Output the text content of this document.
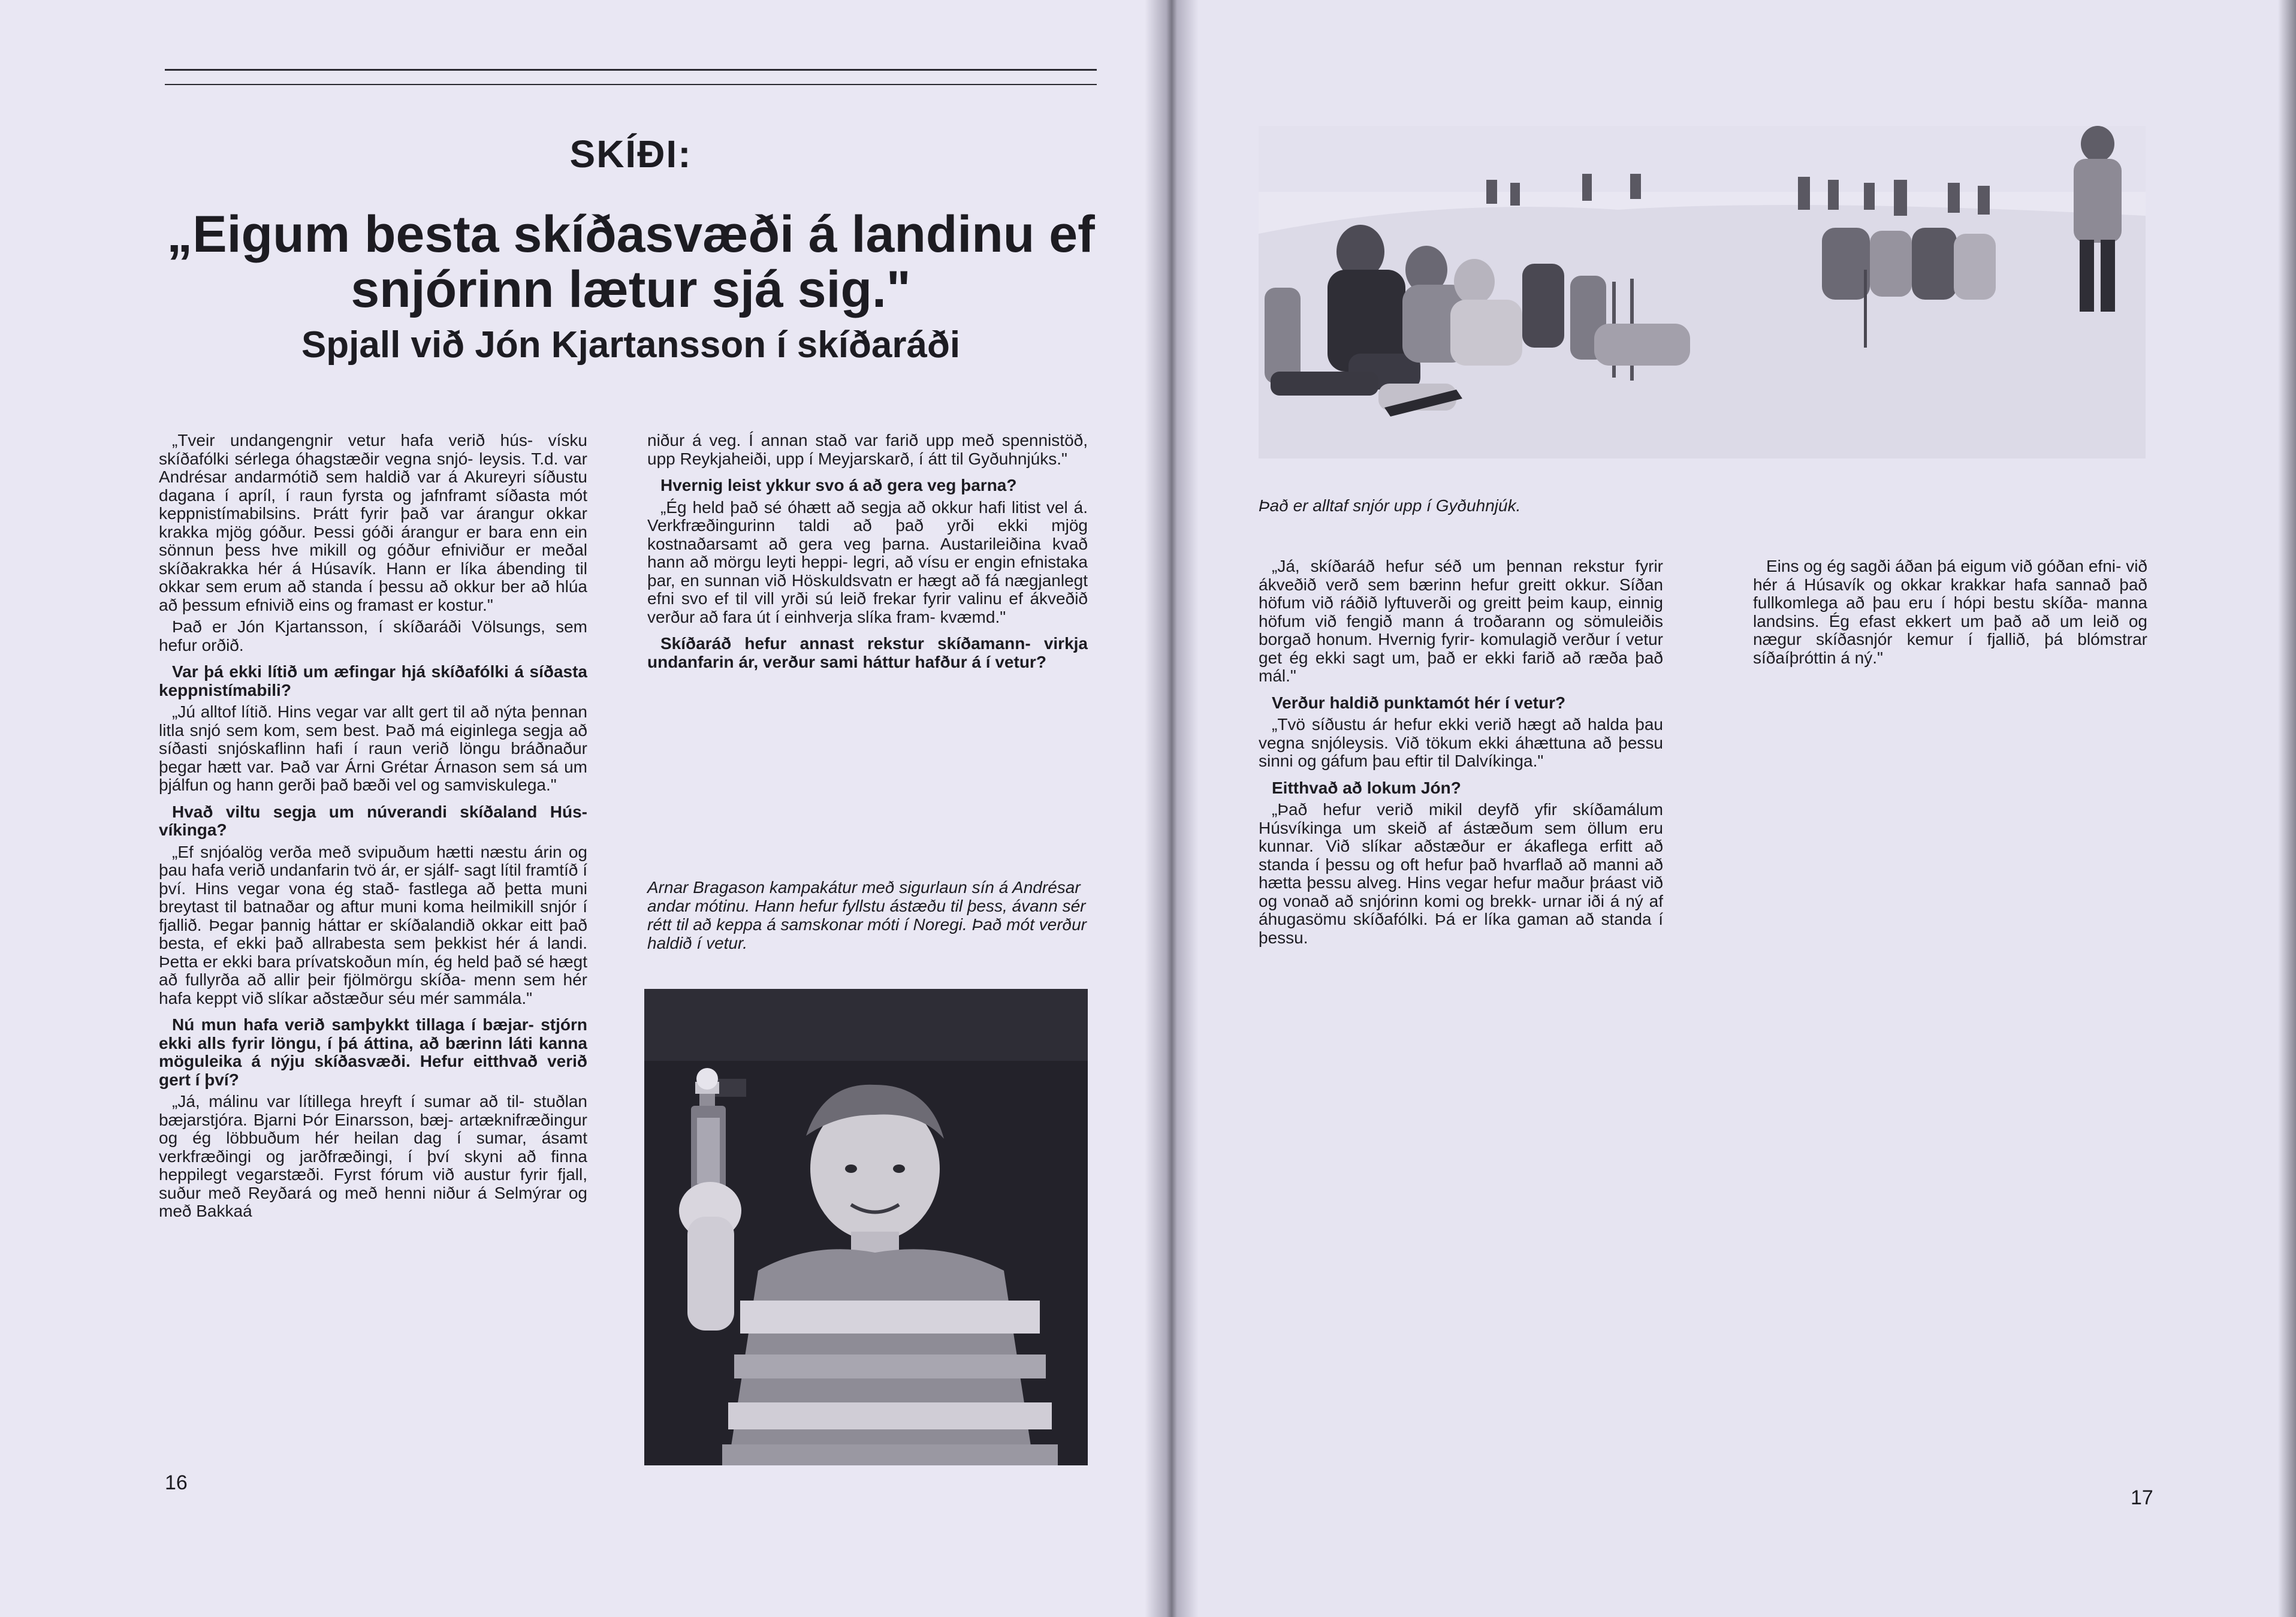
SKÍÐI:
„Eigum besta skíðasvæði á landinu ef
snjórinn lætur sjá sig."
Spjall við Jón Kjartansson í skíðaráði

„Tveir undangengnir vetur hafa verið hús- vísku skíðafólki sérlega óhagstæðir vegna snjó- leysis. T.d. var Andrésar andarmótið sem haldið var á Akureyri síðustu dagana í apríl, í raun fyrsta og jafnframt síðasta mót keppnistímabilsins. Þrátt fyrir það var árangur okkar krakka mjög góður. Þessi góði árangur er bara enn ein sönnun þess hve mikill og góður efniviður er meðal skíðakrakka hér á Húsavík. Hann er líka ábending til okkar sem erum að standa í þessu að okkur ber að hlúa að þessum efnivið eins og framast er kostur."

Það er Jón Kjartansson, í skíðaráði Völsungs, sem hefur orðið.

Var þá ekki lítið um æfingar hjá skíðafólki á síðasta keppnistímabili?

„Jú alltof lítið. Hins vegar var allt gert til að nýta þennan litla snjó sem kom, sem best. Það má eiginlega segja að síðasti snjóskaflinn hafi í raun verið löngu bráðnaður þegar hætt var. Það var Árni Grétar Árnason sem sá um þjálfun og hann gerði það bæði vel og samviskulega."

Hvað viltu segja um núverandi skíðaland Hús- víkinga?

„Ef snjóalög verða með svipuðum hætti næstu árin og þau hafa verið undanfarin tvö ár, er sjálf- sagt lítil framtíð í því. Hins vegar vona ég stað- fastlega að þetta muni breytast til batnaðar og aftur muni koma heilmikill snjór í fjallið. Þegar þannig háttar er skíðalandið okkar eitt það besta, ef ekki það allrabesta sem þekkist hér á landi. Þetta er ekki bara prívatskoðun mín, ég held það sé hægt að fullyrða að allir þeir fjölmörgu skíða- menn sem hér hafa keppt við slíkar aðstæður séu mér sammála."

Nú mun hafa verið samþykkt tillaga í bæjar- stjórn ekki alls fyrir löngu, í þá áttina, að bærinn láti kanna möguleika á nýju skíðasvæði. Hefur eitthvað verið gert í því?

„Já, málinu var lítillega hreyft í sumar að til- stuðlan bæjarstjóra. Bjarni Þór Einarsson, bæj- artæknifræðingur og ég löbbuðum hér heilan dag í sumar, ásamt verkfræðingi og jarðfræðingi, í því skyni að finna heppilegt vegarstæði. Fyrst fórum við austur fyrir fjall, suður með Reyðará og með henni niður á Selmýrar og með Bakkaá

niður á veg. Í annan stað var farið upp með spennistöð, upp Reykjaheiði, upp í Meyjarskarð, í átt til Gyðuhnjúks."

Hvernig leist ykkur svo á að gera veg þarna?

„Ég held það sé óhætt að segja að okkur hafi litist vel á. Verkfræðingurinn taldi að það yrði ekki mjög kostnaðarsamt að gera veg þarna. Austarileiðina kvað hann að mörgu leyti heppi- legri, að vísu er engin efnistaka þar, en sunnan við Höskuldsvatn er hægt að fá nægjanlegt efni svo ef til vill yrði sú leið frekar fyrir valinu ef ákveðið verður að fara út í einhverja slíka fram- kvæmd."

Skíðaráð hefur annast rekstur skíðamann- virkja undanfarin ár, verður sami háttur hafður á í vetur?

Arnar Bragason kampakátur með sigurlaun sín á Andrésar andar mótinu. Hann hefur fyllstu ástæðu til þess, ávann sér rétt til að keppa á samskonar móti í Noregi. Það mót verður haldið í vetur.
16
Það er alltaf snjór upp í Gyðuhnjúk.

„Já, skíðaráð hefur séð um þennan rekstur fyrir ákveðið verð sem bærinn hefur greitt okkur. Síðan höfum við ráðið lyftuverði og greitt þeim kaup, einnig höfum við fengið mann á troðarann og sömuleiðis borgað honum. Hvernig fyrir- komulagið verður í vetur get ég ekki sagt um, það er ekki farið að ræða það mál."

Verður haldið punktamót hér í vetur?

„Tvö síðustu ár hefur ekki verið hægt að halda þau vegna snjóleysis. Við tökum ekki áhættuna að þessu sinni og gáfum þau eftir til Dalvíkinga."

Eitthvað að lokum Jón?

„Það hefur verið mikil deyfð yfir skíðamálum Húsvíkinga um skeið af ástæðum sem öllum eru kunnar. Við slíkar aðstæður er ákaflega erfitt að standa í þessu og oft hefur það hvarflað að manni að hætta þessu alveg. Hins vegar hefur maður þráast við og vonað að snjórinn komi og brekk- urnar iði á ný af áhugasömu skíðafólki. Þá er líka gaman að standa í þessu.

Eins og ég sagði áðan þá eigum við góðan efni- við hér á Húsavík og okkar krakkar hafa sannað það fullkomlega að þau eru í hópi bestu skíða- manna landsins. Ég efast ekkert um það að um leið og nægur skíðasnjór kemur í fjallið, þá blómstrar síðaíþróttin á ný."

17
